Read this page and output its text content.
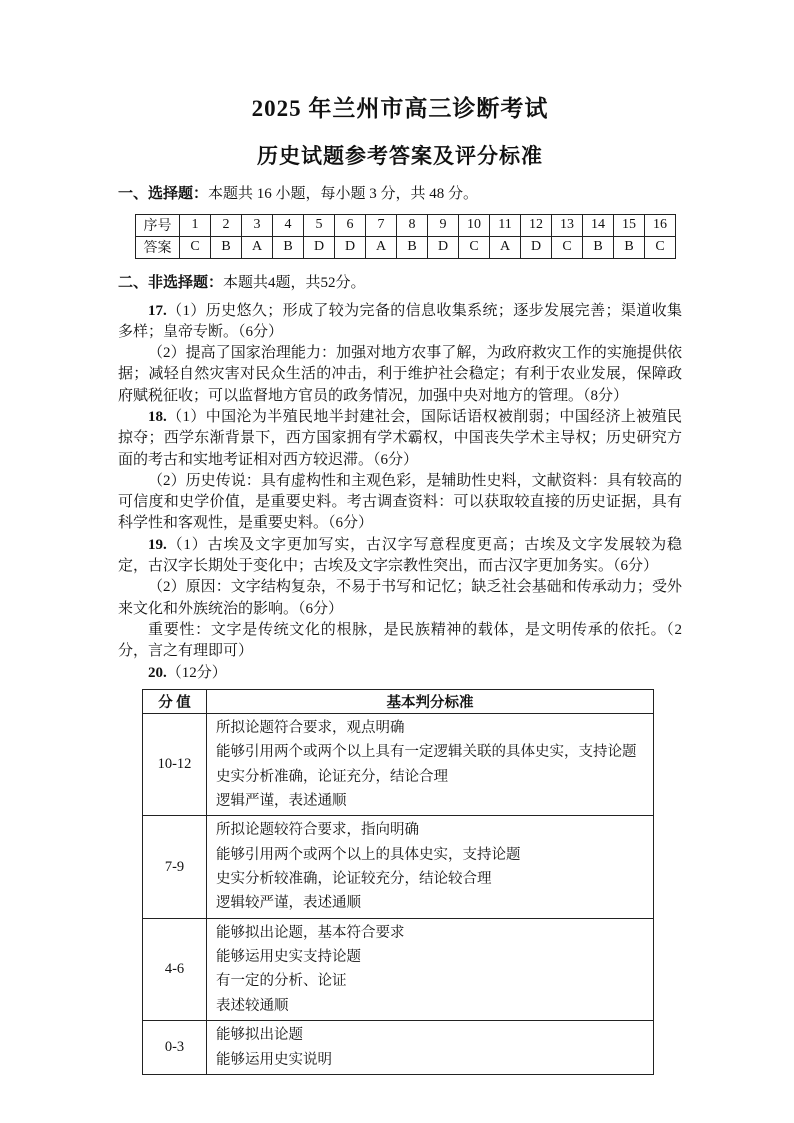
2025 年兰州市高三诊断考试
历史试题参考答案及评分标准

一、选择题：本题共 16 小题，每小题 3 分，共 48 分。

序号	1	2	3	4	5	6	7	8	9	10	11	12	13	14	15	16
答案	C	B	A	B	D	D	A	B	D	C	A	D	C	B	B	C

二、非选择题：本题共4题，共52分。

17.（1）历史悠久；形成了较为完备的信息收集系统；逐步发展完善；渠道收集多样；皇帝专断。（6分）

（2）提高了国家治理能力：加强对地方农事了解，为政府救灾工作的实施提供依据；减轻自然灾害对民众生活的冲击，利于维护社会稳定；有利于农业发展，保障政府赋税征收；可以监督地方官员的政务情况，加强中央对地方的管理。（8分）

18.（1）中国沦为半殖民地半封建社会，国际话语权被削弱；中国经济上被殖民掠夺；西学东渐背景下，西方国家拥有学术霸权，中国丧失学术主导权；历史研究方面的考古和实地考证相对西方较迟滞。（6分）

（2）历史传说：具有虚构性和主观色彩，是辅助性史料，文献资料：具有较高的可信度和史学价值，是重要史料。考古调查资料：可以获取较直接的历史证据，具有科学性和客观性，是重要史料。（6分）

19.（1）古埃及文字更加写实，古汉字写意程度更高；古埃及文字发展较为稳定，古汉字长期处于变化中；古埃及文字宗教性突出，而古汉字更加务实。（6分）

（2）原因：文字结构复杂，不易于书写和记忆；缺乏社会基础和传承动力；受外来文化和外族统治的影响。（6分）

重要性：文字是传统文化的根脉，是民族精神的载体，是文明传承的依托。（2分，言之有理即可）

20.（12分）

分 值	基本判分标准
10-12	所拟论题符合要求，观点明确
能够引用两个或两个以上具有一定逻辑关联的具体史实，支持论题
史实分析准确，论证充分，结论合理
逻辑严谨，表述通顺

7-9	所拟论题较符合要求，指向明确
能够引用两个或两个以上的具体史实，支持论题
史实分析较准确，论证较充分，结论较合理
逻辑较严谨，表述通顺

4-6	能够拟出论题，基本符合要求
能够运用史实支持论题
有一定的分析、论证
表述较通顺

0-3	能够拟出论题
能够运用史实说明
